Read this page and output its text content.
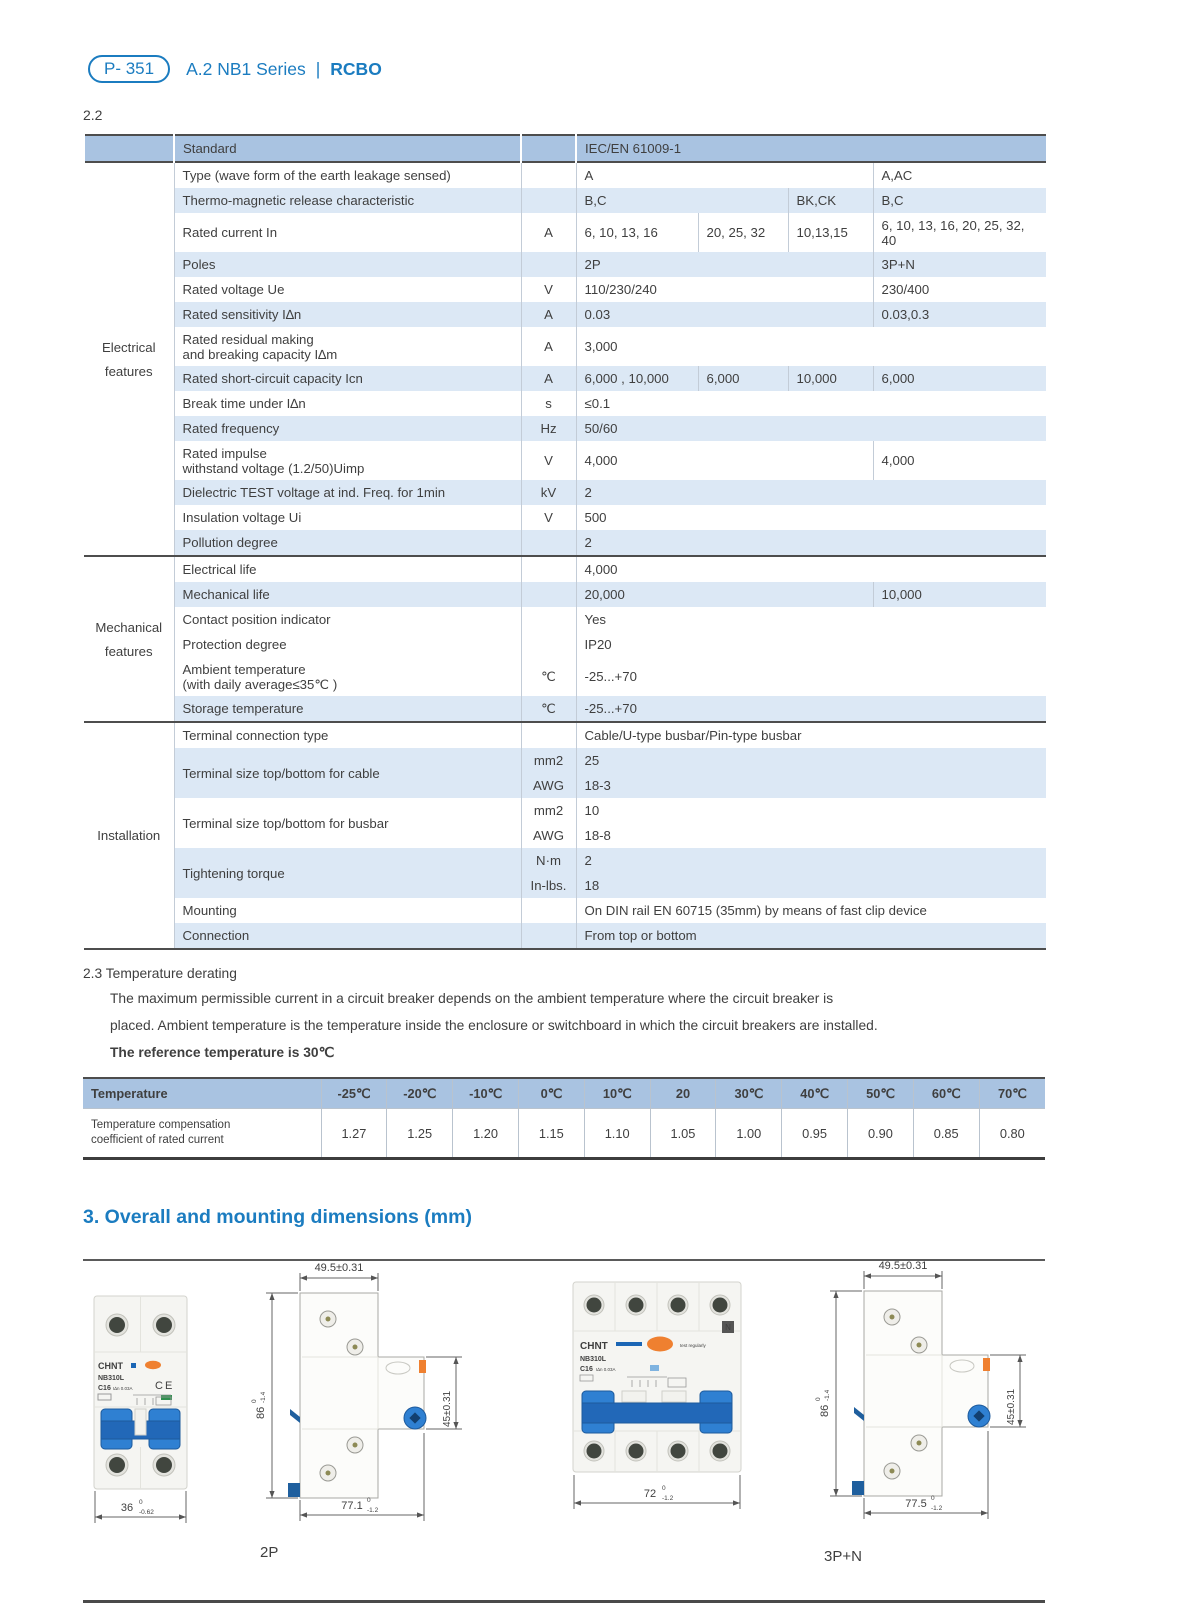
P- 351	A.2 NB1 Series | RCBO
2.2
	Standard		IEC/EN 61009-1			

Electrical
features	Type (wave form of the earth leakage sensed)		A			A,AC

	Thermo-magnetic release characteristic		B,C		BK,CK	B,C

	Rated current In	A	6, 10, 13, 16	20, 25, 32	10,13,15	6, 10, 13, 16, 20, 25, 32, 40

	Poles		2P			3P+N

	Rated voltage Ue	V	110/230/240			230/400

	Rated sensitivity I∆n	A	0.03			0.03,0.3

	Rated residual making
and breaking capacity I∆m	A	3,000			

	Rated short-circuit capacity Icn	A	6,000 , 10,000	6,000	10,000	6,000

	Break time under I∆n	s	≤0.1			

	Rated frequency	Hz	50/60			

	Rated impulse
withstand voltage (1.2/50)Uimp	V	4,000			4,000

	Dielectric TEST voltage at ind. Freq. for 1min	kV	2			

	Insulation voltage Ui	V	500			

	Pollution degree		2			

Mechanical
features	Electrical life		4,000			

	Mechanical life		20,000			10,000

	Contact position indicator		Yes			

	Protection degree		IP20			

	Ambient temperature
(with daily average≤35℃ )	℃	-25...+70			

	Storage temperature	℃	-25...+70			

Installation	Terminal connection type		Cable/U-type busbar/Pin-type busbar			

	Terminal size top/bottom for cable	mm2	25			
		AWG	18-3			

	Terminal size top/bottom for busbar	mm2	10			
		AWG	18-8			

	Tightening torque	N·m	2			
		In-lbs.	18			

	Mounting		On DIN rail EN 60715 (35mm) by means of fast clip device			

	Connection		From top or bottom			
2.3 Temperature derating

The maximum permissible current in a circuit breaker depends on the ambient temperature where the circuit breaker is

placed. Ambient temperature is the temperature inside the enclosure or switchboard in which the circuit breakers are installed.

The reference temperature is 30℃

Temperature	-25℃	-20℃	-10℃	0℃	10℃	20	30℃	40℃	50℃	60℃	70℃

Temperature compensation
coefficient of rated current	1.27	1.25	1.20	1.15	1.10	1.05	1.00	0.95	0.90	0.85	0.80
3. Overall and mounting dimensions (mm)
CHNT
NB310L
C16 I∆n 0.03A CE
36 0
-0.62
49.5±0.31
86
0 -1.4	45±0.31
77.1 0
-1.2
N
CHNT	test regularly
NB310L
C16 I∆n 0.03A
72 0
-1.2
49.5±0.31
86
0 -1.4	45±0.31
77.5 0
-1.2
2P	3P+N
